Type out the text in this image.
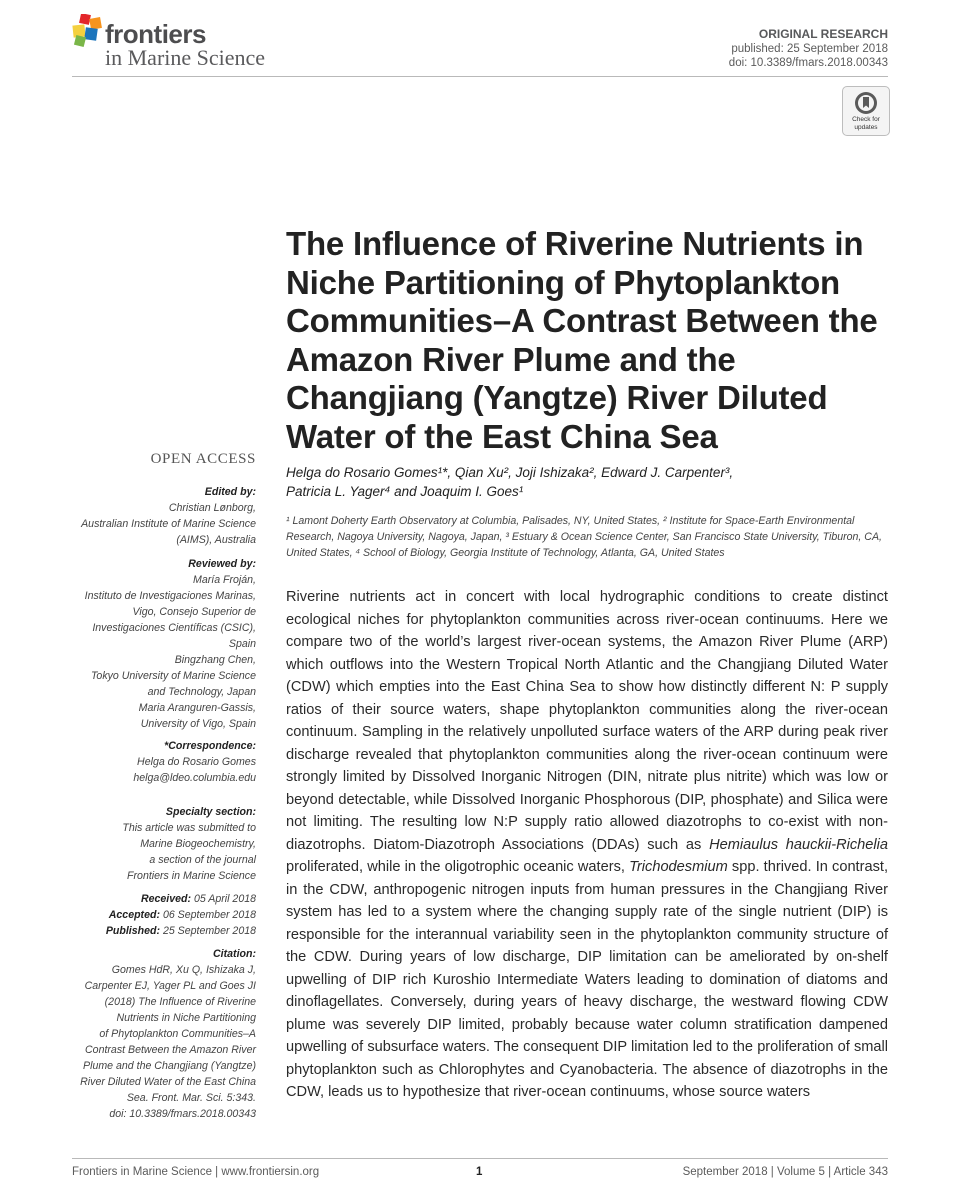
frontiers
in Marine Science
ORIGINAL RESEARCH
published: 25 September 2018
doi: 10.3389/fmars.2018.00343
Check for
updates
The Influence of Riverine Nutrients in Niche Partitioning of Phytoplankton Communities–A Contrast Between the Amazon River Plume and the Changjiang (Yangtze) River Diluted Water of the East China Sea
Helga do Rosario Gomes¹*, Qian Xu², Joji Ishizaka², Edward J. Carpenter³,
Patricia L. Yager⁴ and Joaquim I. Goes¹
¹ Lamont Doherty Earth Observatory at Columbia, Palisades, NY, United States, ² Institute for Space-Earth Environmental Research, Nagoya University, Nagoya, Japan, ³ Estuary & Ocean Science Center, San Francisco State University, Tiburon, CA, United States, ⁴ School of Biology, Georgia Institute of Technology, Atlanta, GA, United States

Riverine nutrients act in concert with local hydrographic conditions to create distinct ecological niches for phytoplankton communities across river-ocean continuums. Here we compare two of the world’s largest river-ocean systems, the Amazon River Plume (ARP) which outflows into the Western Tropical North Atlantic and the Changjiang Diluted Water (CDW) which empties into the East China Sea to show how distinctly different N: P supply ratios of their source waters, shape phytoplankton communities along the river-ocean continuum. Sampling in the relatively unpolluted surface waters of the ARP during peak river discharge revealed that phytoplankton communities along the river-ocean continuum were strongly limited by Dissolved Inorganic Nitrogen (DIN, nitrate plus nitrite) which was low or beyond detectable, while Dissolved Inorganic Phosphorous (DIP, phosphate) and Silica were not limiting. The resulting low N:P supply ratio allowed diazotrophs to co-exist with non-diazotrophs. Diatom-Diazotroph Associations (DDAs) such as Hemiaulus hauckii-Richelia proliferated, while in the oligotrophic oceanic waters, Trichodesmium spp. thrived. In contrast, in the CDW, anthropogenic nitrogen inputs from human pressures in the Changjiang River system has led to a system where the changing supply rate of the single nutrient (DIP) is responsible for the interannual variability seen in the phytoplankton community structure of the CDW. During years of low discharge, DIP limitation can be ameliorated by on-shelf upwelling of DIP rich Kuroshio Intermediate Waters leading to domination of diatoms and dinoflagellates. Conversely, during years of heavy discharge, the westward flowing CDW plume was severely DIP limited, probably because water column stratification dampened upwelling of subsurface waters. The consequent DIP limitation led to the proliferation of small phytoplankton such as Chlorophytes and Cyanobacteria. The absence of diazotrophs in the CDW, leads us to hypothesize that river-ocean continuums, whose source waters

OPEN ACCESS
Edited by:
Christian Lønborg,
Australian Institute of Marine Science
(AIMS), Australia
Reviewed by:
María Froján,
Instituto de Investigaciones Marinas,
Vigo, Consejo Superior de
Investigaciones Científicas (CSIC),
Spain
Bingzhang Chen,
Tokyo University of Marine Science
and Technology, Japan
Maria Aranguren-Gassis,
University of Vigo, Spain
*Correspondence:
Helga do Rosario Gomes
helga@ldeo.columbia.edu
Specialty section:
This article was submitted to
Marine Biogeochemistry,
a section of the journal
Frontiers in Marine Science
Received: 05 April 2018
Accepted: 06 September 2018
Published: 25 September 2018
Citation:
Gomes HdR, Xu Q, Ishizaka J,
Carpenter EJ, Yager PL and Goes JI
(2018) The Influence of Riverine
Nutrients in Niche Partitioning
of Phytoplankton Communities–A
Contrast Between the Amazon River
Plume and the Changjiang (Yangtze)
River Diluted Water of the East China
Sea. Front. Mar. Sci. 5:343.
doi: 10.3389/fmars.2018.00343
Frontiers in Marine Science | www.frontiersin.org	1	September 2018 | Volume 5 | Article 343
